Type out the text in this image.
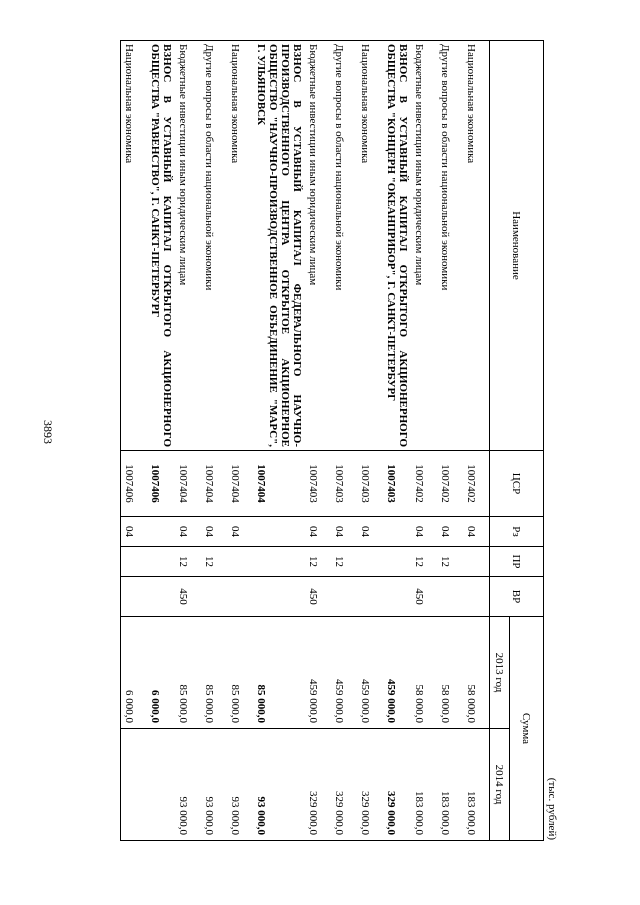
3893
(тыс. рублей)
Наименование	ЦСР	Рз	ПР	ВР	Сумма	
					2013 год	2014 год
Национальная экономика	1007402	04			58 000,0	183 000,0
Другие вопросы в области национальной экономики	1007402	04	12		58 000,0	183 000,0
Бюджетные инвестиции иным юридическим лицам	1007402	04	12	450	58 000,0	183 000,0
ВЗНОС В УСТАВНЫЙ КАПИТАЛ ОТКРЫТОГО АКЦИОНЕРНОГО ОБЩЕСТВА "КОНЦЕРН "ОКЕАНПРИБОР", Г. САНКТ-ПЕТЕРБУРГ	1007403				459 000,0	329 000,0
Национальная экономика	1007403	04			459 000,0	329 000,0
Другие вопросы в области национальной экономики	1007403	04	12		459 000,0	329 000,0
Бюджетные инвестиции иным юридическим лицам	1007403	04	12	450	459 000,0	329 000,0
ВЗНОС В УСТАВНЫЙ КАПИТАЛ ФЕДЕРАЛЬНОГО НАУЧНО-ПРОИЗВОДСТВЕННОГО ЦЕНТРА ОТКРЫТОЕ АКЦИОНЕРНОЕ ОБЩЕСТВО "НАУЧНО-ПРОИЗВОДСТВЕННОЕ ОБЪЕДИНЕНИЕ "МАРС", Г. УЛЬЯНОВСК	1007404				85 000,0	93 000,0
Национальная экономика	1007404	04			85 000,0	93 000,0
Другие вопросы в области национальной экономики	1007404	04	12		85 000,0	93 000,0
Бюджетные инвестиции иным юридическим лицам	1007404	04	12	450	85 000,0	93 000,0
ВЗНОС В УСТАВНЫЙ КАПИТАЛ ОТКРЫТОГО АКЦИОНЕРНОГО ОБЩЕСТВА "РАВЕНСТВО", Г. САНКТ-ПЕТЕРБУРГ	1007406				6 000,0	
Национальная экономика	1007406	04			6 000,0	
